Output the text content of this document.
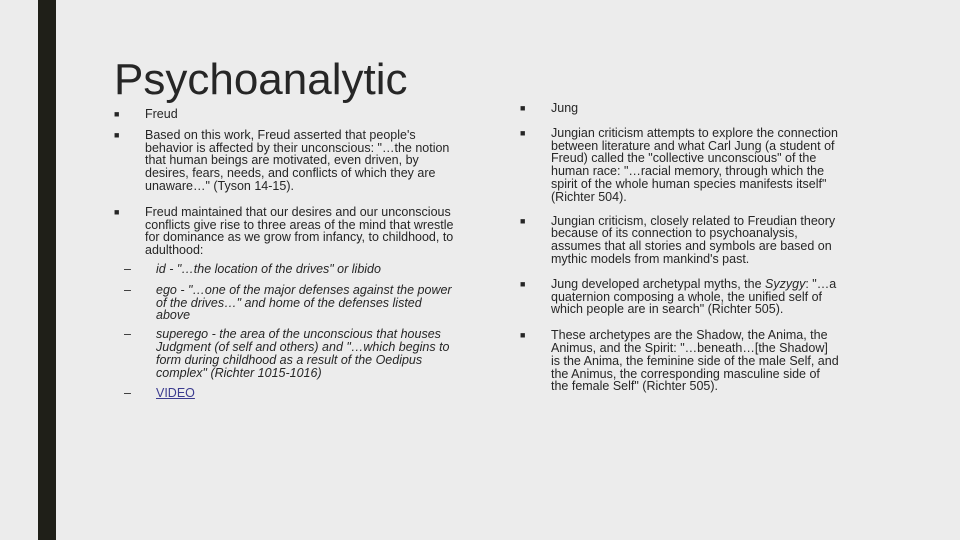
Psychoanalytic
■ Freud
■ Based on this work, Freud asserted that people's behavior is affected by their unconscious: "…the notion that human beings are motivated, even driven, by desires, fears, needs, and conflicts of which they are unaware…" (Tyson 14-15).
■ Freud maintained that our desires and our unconscious conflicts give rise to three areas of the mind that wrestle for dominance as we grow from infancy, to childhood, to adulthood:
– id - "…the location of the drives" or libido
– ego - "…one of the major defenses against the power of the drives…" and home of the defenses listed above
– superego - the area of the unconscious that houses Judgment (of self and others) and "…which begins to form during childhood as a result of the Oedipus complex" (Richter 1015-1016)
– VIDEO
■ Jung
■ Jungian criticism attempts to explore the connection between literature and what Carl Jung (a student of Freud) called the "collective unconscious" of the human race: "…racial memory, through which the spirit of the whole human species manifests itself" (Richter 504).
■ Jungian criticism, closely related to Freudian theory because of its connection to psychoanalysis, assumes that all stories and symbols are based on mythic models from mankind's past.
■ Jung developed archetypal myths, the Syzygy: "…a quaternion composing a whole, the unified self of which people are in search" (Richter 505).
■ These archetypes are the Shadow, the Anima, the Animus, and the Spirit: "…beneath…[the Shadow] is the Anima, the feminine side of the male Self, and the Animus, the corresponding masculine side of the female Self" (Richter 505).
